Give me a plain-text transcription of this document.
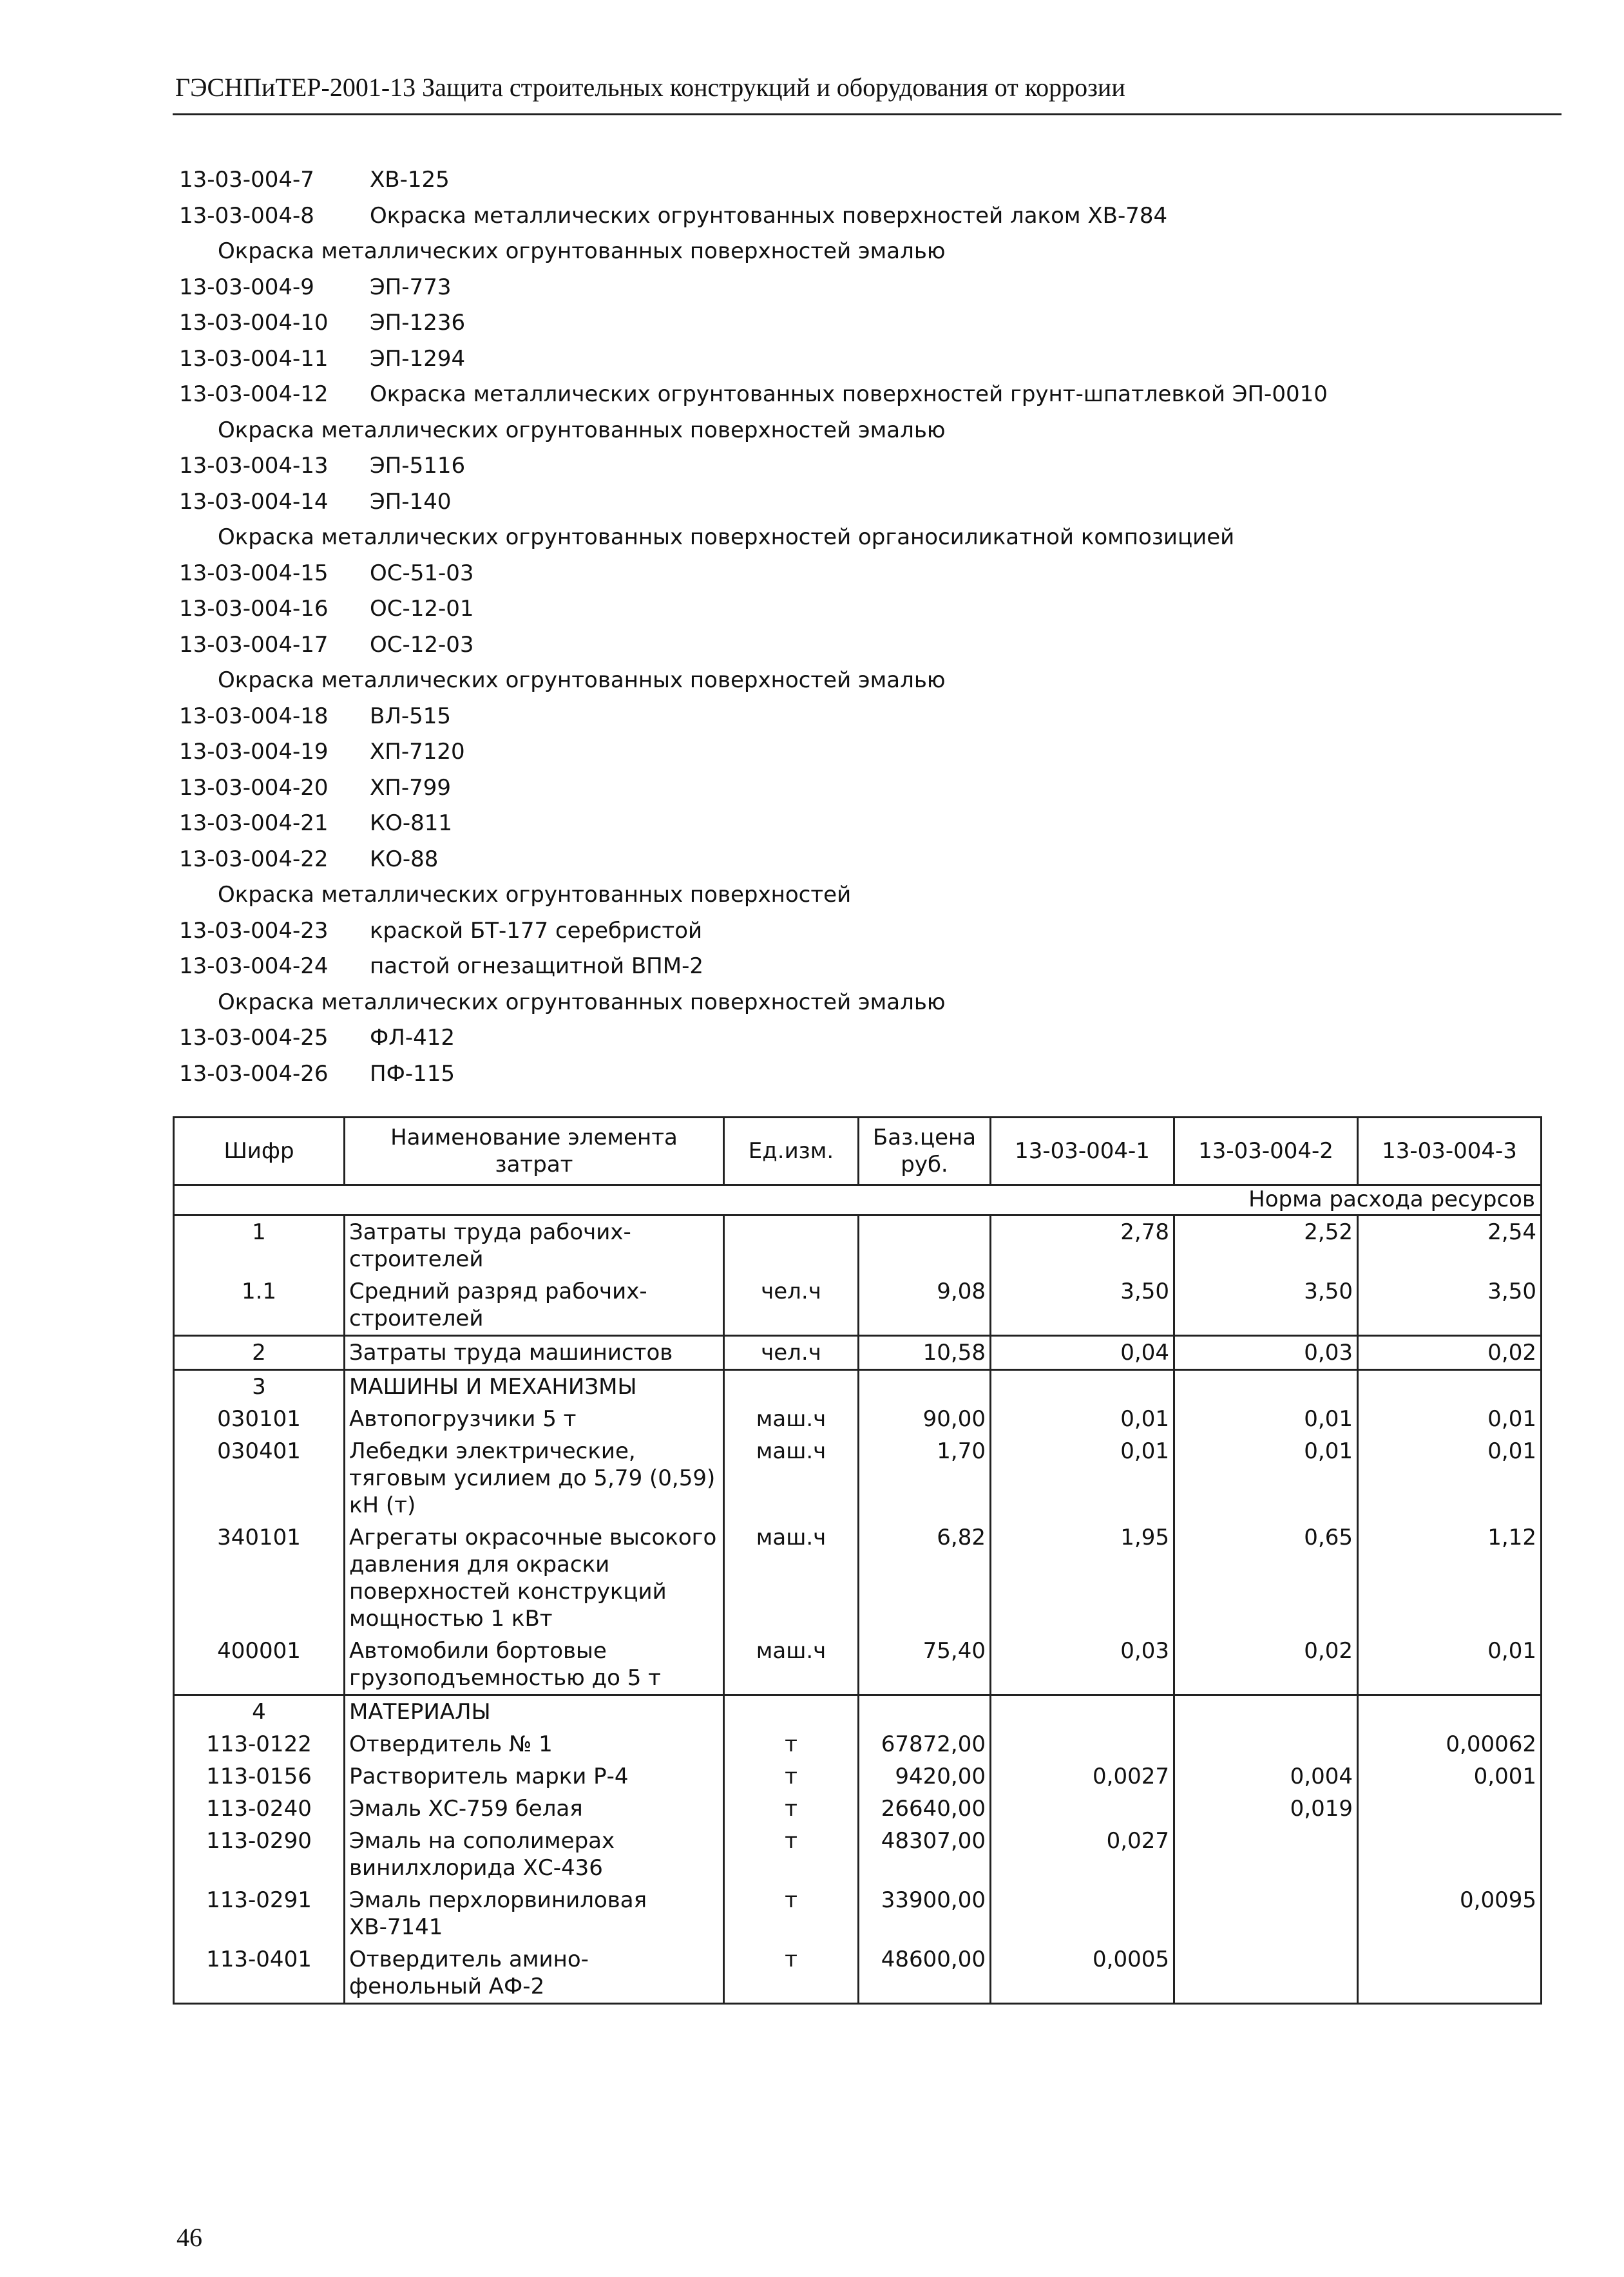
ГЭСНПиТЕР-2001-13 Защита строительных конструкций и оборудования от коррозии
13-03-004-7	ХВ-125
13-03-004-8	Окраска металлических огрунтованных поверхностей лаком ХВ-784
Окраска металлических огрунтованных поверхностей эмалью
13-03-004-9	ЭП-773
13-03-004-10 ЭП-1236
13-03-004-11 ЭП-1294
13-03-004-12 Окраска металлических огрунтованных поверхностей грунт-шпатлевкой ЭП-0010
Окраска металлических огрунтованных поверхностей эмалью
13-03-004-13 ЭП-5116
13-03-004-14 ЭП-140
Окраска металлических огрунтованных поверхностей органосиликатной композицией
13-03-004-15 ОС-51-03
13-03-004-16 ОС-12-01
13-03-004-17 ОС-12-03
Окраска металлических огрунтованных поверхностей эмалью
13-03-004-18 ВЛ-515
13-03-004-19 ХП-7120
13-03-004-20 ХП-799
13-03-004-21 КО-811
13-03-004-22 КО-88
Окраска металлических огрунтованных поверхностей
13-03-004-23 краской БТ-177 серебристой
13-03-004-24 пастой огнезащитной ВПМ-2
Окраска металлических огрунтованных поверхностей эмалью
13-03-004-25 ФЛ-412
13-03-004-26 ПФ-115
Шифр	Наименование элемента затрат	Ед.изм.	Баз.цена руб.	13-03-004-1	13-03-004-2	13-03-004-3
Норма расхода ресурсов						
1	Затраты труда рабочих-строителей			2,78	2,52	2,54
1.1	Средний разряд рабочих-строителей	чел.ч	9,08	3,50	3,50	3,50
2	Затраты труда машинистов	чел.ч	10,58	0,04	0,03	0,02
3	МАШИНЫ И МЕХАНИЗМЫ					
030101	Автопогрузчики 5 т	маш.ч	90,00	0,01	0,01	0,01
030401	Лебедки электрические, тяговым усилием до 5,79 (0,59) кН (т)	маш.ч	1,70	0,01	0,01	0,01
340101	Агрегаты окрасочные высокого давления для окраски поверхностей конструкций мощностью 1 кВт	маш.ч	6,82	1,95	0,65	1,12
400001	Автомобили бортовые грузоподъемностью до 5 т	маш.ч	75,40	0,03	0,02	0,01
4	МАТЕРИАЛЫ					
113-0122	Отвердитель № 1	т	67872,00			0,00062
113-0156	Растворитель марки Р-4	т	9420,00	0,0027	0,004	0,001
113-0240	Эмаль ХС-759 белая	т	26640,00		0,019	
113-0290	Эмаль на сополимерах винилхлорида ХС-436	т	48307,00	0,027		
113-0291	Эмаль перхлорвиниловая ХВ-7141	т	33900,00			0,0095
113-0401	Отвердитель амино-фенольный АФ-2	т	48600,00	0,0005		
46
